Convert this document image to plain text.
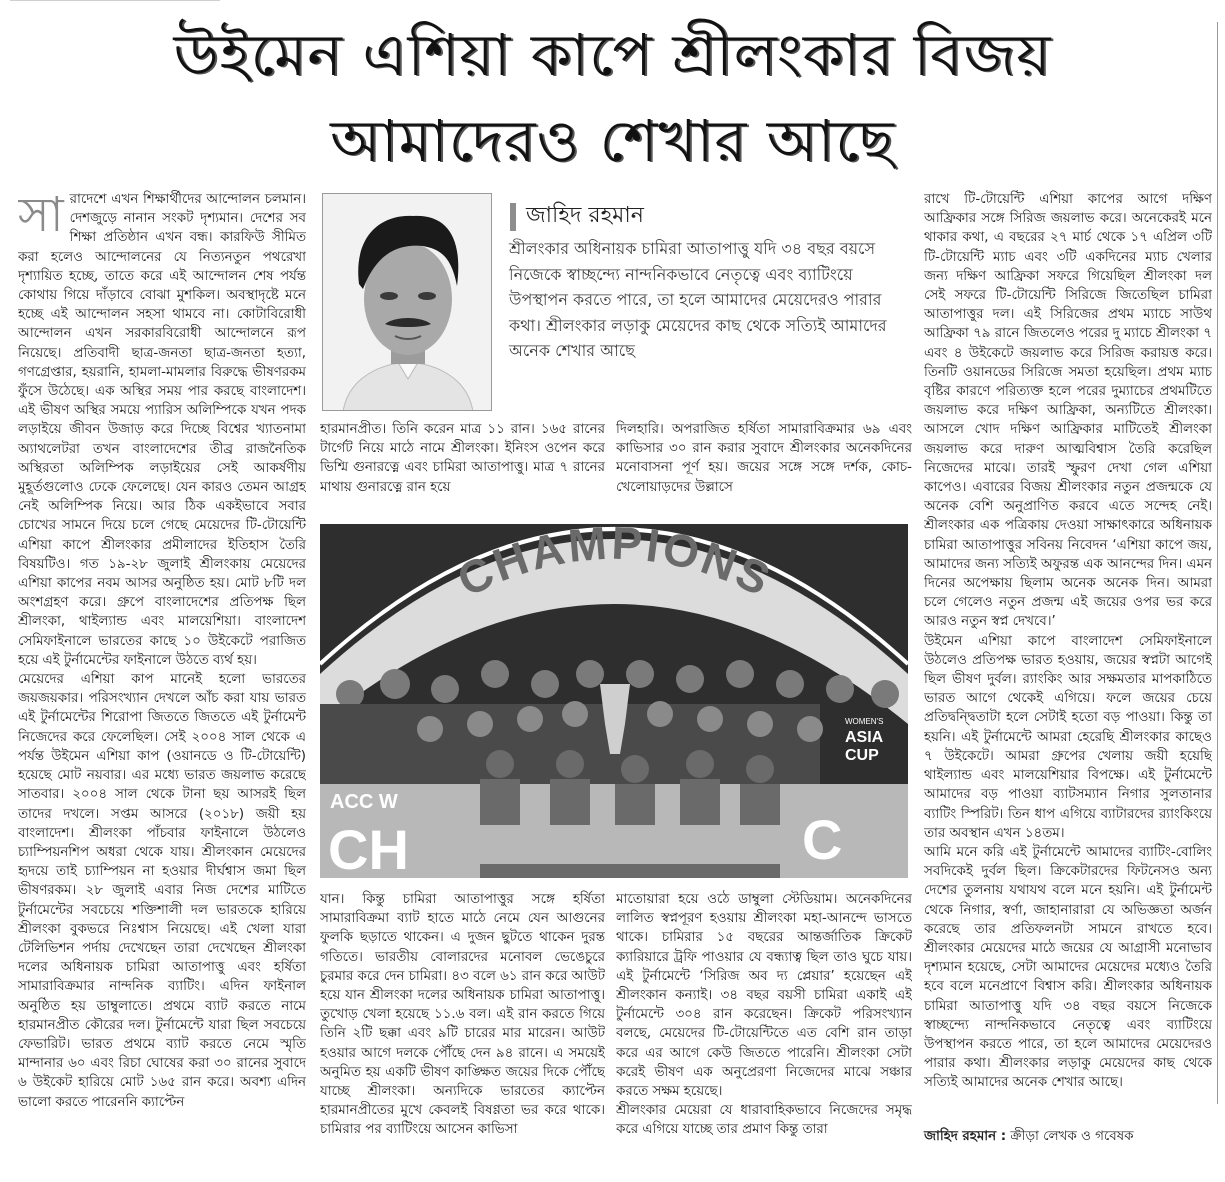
উইমেন এশিয়া কাপে শ্রীলংকার বিজয়
আমাদেরও শেখার আছে
সা রাদেশে এখন শিক্ষার্থীদের আন্দোলন চলমান। দেশজুড়ে নানান সংকট দৃশ্যমান। দেশের সব শিক্ষা প্রতিষ্ঠান এখন বন্ধ। কারফিউ সীমিত করা হলেও আন্দোলনের যে নিত্যনতুন পথরেখা দৃশ্যায়িত হচ্ছে, তাতে করে এই আন্দোলন শেষ পর্যন্ত কোথায় গিয়ে দাঁড়াবে বোঝা মুশকিল। অবস্থাদৃষ্টে মনে হচ্ছে এই আন্দোলন সহসা থামবে না। কোটাবিরোধী আন্দোলন এখন সরকারবিরোধী আন্দোলনে রূপ নিয়েছে। প্রতিবাদী ছাত্র-জনতা ছাত্র-জনতা হত্যা, গণগ্রেপ্তার, হয়রানি, হামলা-মামলার বিরুদ্ধে ভীষণরকম ফুঁসে উঠেছে। এক অস্থির সময় পার করছে বাংলাদেশ। এই ভীষণ অস্থির সময়ে প্যারিস অলিম্পিকে যখন পদক লড়াইয়ে জীবন উজাড় করে দিচ্ছে বিশ্বের খ্যাতনামা অ্যাথলেটরা তখন বাংলাদেশের তীব্র রাজনৈতিক অস্থিরতা অলিম্পিক লড়াইয়ের সেই আকর্ষণীয় মুহূর্তগুলোও ঢেকে ফেলেছে। যেন কারও তেমন আগ্রহ নেই অলিম্পিক নিয়ে। আর ঠিক একইভাবে সবার চোখের সামনে দিয়ে চলে গেছে মেয়েদের টি-টোয়েন্টি এশিয়া কাপে শ্রীলংকার প্রমীলাদের ইতিহাস তৈরি বিষয়টিও। গত ১৯-২৮ জুলাই শ্রীলংকায় মেয়েদের এশিয়া কাপের নবম আসর অনুষ্ঠিত হয়। মোট ৮টি দল অংশগ্রহণ করে। গ্রুপে বাংলাদেশের প্রতিপক্ষ ছিল শ্রীলংকা, থাইল্যান্ড এবং মালয়েশিয়া। বাংলাদেশ সেমিফাইনালে ভারতের কাছে ১০ উইকেটে পরাজিত হয়ে এই টুর্নামেন্টের ফাইনালে উঠতে ব্যর্থ হয়।

মেয়েদের এশিয়া কাপ মানেই হলো ভারতের জয়জয়কার। পরিসংখ্যান দেখলে আঁচ করা যায় ভারত এই টুর্নামেন্টের শিরোপা জিততে জিততে এই টুর্নামেন্ট নিজেদের করে ফেলেছিল। সেই ২০০৪ সাল থেকে এ পর্যন্ত উইমেন এশিয়া কাপ (ওয়ানডে ও টি-টোয়েন্টি) হয়েছে মোট নয়বার। এর মধ্যে ভারত জয়লাভ করেছে সাতবার। ২০০৪ সাল থেকে টানা ছয় আসরই ছিল তাদের দখলে। সপ্তম আসরে (২০১৮) জয়ী হয় বাংলাদেশ। শ্রীলংকা পাঁচবার ফাইনালে উঠলেও চ্যাম্পিয়নশিপ অধরা থেকে যায়। শ্রীলংকান মেয়েদের হৃদয়ে তাই চ্যাম্পিয়ন না হওয়ার দীর্ঘশ্বাস জমা ছিল ভীষণরকম। ২৮ জুলাই এবার নিজ দেশের মাটিতে টুর্নামেন্টের সবচেয়ে শক্তিশালী দল ভারতকে হারিয়ে শ্রীলংকা বুকভরে নিঃশ্বাস নিয়েছে। এই খেলা যারা টেলিভিশন পর্দায় দেখেছেন তারা দেখেছেন শ্রীলংকা দলের অধিনায়ক চামিরা আতাপাত্তু এবং হর্ষিতা সামারাবিক্রমার নান্দনিক ব্যাটিং। এদিন ফাইনাল অনুষ্ঠিত হয় ডাম্বুলাতে। প্রথমে ব্যাট করতে নামে হারমানপ্রীত কৌরের দল। টুর্নামেন্টে যারা ছিল সবচেয়ে ফেভারিট। ভারত প্রথমে ব্যাট করতে নেমে স্মৃতি মান্দানার ৬০ এবং রিচা ঘোষের করা ৩০ রানের সুবাদে ৬ উইকেট হারিয়ে মোট ১৬৫ রান করে। অবশ্য এদিন ভালো করতে পারেননি ক্যাপ্টেন

জাহিদ রহমান
শ্রীলংকার অধিনায়ক চামিরা আতাপাত্তু যদি ৩৪ বছর বয়সে নিজেকে স্বাচ্ছন্দ্যে নান্দনিকভাবে নেতৃত্বে এবং ব্যাটিংয়ে উপস্থাপন করতে পারে, তা হলে আমাদের মেয়েদেরও পারার কথা। শ্রীলংকার লড়াকু মেয়েদের কাছ থেকে সত্যিই আমাদের অনেক শেখার আছে

হারমানপ্রীত। তিনি করেন মাত্র ১১ রান। ১৬৫ রানের টার্গেট নিয়ে মাঠে নামে শ্রীলংকা। ইনিংস ওপেন করে ভিশ্মি গুনারত্নে এবং চামিরা আতাপাত্তু। মাত্র ৭ রানের মাথায় গুনারত্নে রান হয়ে

দিলহারি। অপরাজিত হর্ষিতা সামারাবিক্রমার ৬৯ এবং কাভিসার ৩০ রান করার সুবাদে শ্রীলংকার অনেকদিনের মনোবাসনা পূর্ণ হয়। জয়ের সঙ্গে সঙ্গে দর্শক, কোচ-খেলোয়াড়দের উল্লাসে

CHAMPIONS
ACC W
CH	C
WOMEN'S
ASIA
CUP

যান। কিন্তু চামিরা আতাপাত্তুর সঙ্গে হর্ষিতা সামারাবিক্রমা ব্যাট হাতে মাঠে নেমে যেন আগুনের ফুলকি ছড়াতে থাকেন। এ দুজন ছুটতে থাকেন দুরন্ত গতিতে। ভারতীয় বোলারদের মনোবল ভেঙেচুরে চুরমার করে দেন চামিরা। ৪৩ বলে ৬১ রান করে আউট হয়ে যান শ্রীলংকা দলের অধিনায়ক চামিরা আতাপাত্তু। তুখোড় খেলা হয়েছে ১১.৬ বল। এই রান করতে গিয়ে তিনি ২টি ছক্কা এবং ৯টি চারের মার মারেন। আউট হওয়ার আগে দলকে পৌঁছে দেন ৯৪ রানে। এ সময়েই অনুমিত হয় একটি ভীষণ কাঙ্ক্ষিত জয়ের দিকে পৌঁছে যাচ্ছে শ্রীলংকা। অন্যদিকে ভারতের ক্যাপ্টেন হারমানপ্রীতের মুখে কেবলই বিষণ্ণতা ভর করে থাকে। চামিরার পর ব্যাটিংয়ে আসেন কাভিসা

মাতোয়ারা হয়ে ওঠে ডাম্বুলা স্টেডিয়াম। অনেকদিনের লালিত স্বপ্নপূরণ হওয়ায় শ্রীলংকা মহা-আনন্দে ভাসতে থাকে। চামিরার ১৫ বছরের আন্তর্জাতিক ক্রিকেট ক্যারিয়ারে ট্রফি পাওয়ার যে বন্ধ্যাত্ব ছিল তাও ঘুচে যায়। এই টুর্নামেন্টে ‘সিরিজ অব দ্য প্লেয়ার’ হয়েছেন এই শ্রীলংকান কন্যাই। ৩৪ বছর বয়সী চামিরা একাই এই টুর্নামেন্টে ৩০৪ রান করেছেন। ক্রিকেট পরিসংখ্যান বলছে, মেয়েদের টি-টোয়েন্টিতে এত বেশি রান তাড়া করে এর আগে কেউ জিততে পারেনি। শ্রীলংকা সেটা করেই ভীষণ এক অনুপ্রেরণা নিজেদের মাঝে সঞ্চার করতে সক্ষম হয়েছে।

শ্রীলংকার মেয়েরা যে ধারাবাহিকভাবে নিজেদের সমৃদ্ধ করে এগিয়ে যাচ্ছে তার প্রমাণ কিন্তু তারা

রাখে টি-টোয়েন্টি এশিয়া কাপের আগে দক্ষিণ আফ্রিকার সঙ্গে সিরিজ জয়লাভ করে। অনেকেরই মনে থাকার কথা, এ বছরের ২৭ মার্চ থেকে ১৭ এপ্রিল ৩টি টি-টোয়েন্টি ম্যাচ এবং ৩টি একদিনের ম্যাচ খেলার জন্য দক্ষিণ আফ্রিকা সফরে গিয়েছিল শ্রীলংকা দল সেই সফরে টি-টোয়েন্টি সিরিজে জিতেছিল চামিরা আতাপাত্তুর দল। এই সিরিজের প্রথম ম্যাচে সাউথ আফ্রিকা ৭৯ রানে জিতলেও পরের দু ম্যাচে শ্রীলংকা ৭ এবং ৪ উইকেটে জয়লাভ করে সিরিজ করায়ত্ত করে। তিনটি ওয়ানডের সিরিজে সমতা হয়েছিল। প্রথম ম্যাচ বৃষ্টির কারণে পরিত্যক্ত হলে পরের দুম্যাচের প্রথমটিতে জয়লাভ করে দক্ষিণ আফ্রিকা, অন্যটিতে শ্রীলংকা। আসলে খোদ দক্ষিণ আফ্রিকার মাটিতেই শ্রীলংকা জয়লাভ করে দারুণ আত্মবিশ্বাস তৈরি করেছিল নিজেদের মাঝে। তারই স্ফুরণ দেখা গেল এশিয়া কাপেও। এবারের বিজয় শ্রীলংকার নতুন প্রজন্মকে যে অনেক বেশি অনুপ্রাণিত করবে এতে সন্দেহ নেই। শ্রীলংকার এক পত্রিকায় দেওয়া সাক্ষাৎকারে অধিনায়ক চামিরা আতাপাত্তুর সবিনয় নিবেদন ‘এশিয়া কাপে জয়, আমাদের জন্য সত্যিই অফুরন্ত এক আনন্দের দিন। এমন দিনের অপেক্ষায় ছিলাম অনেক অনেক দিন। আমরা চলে গেলেও নতুন প্রজন্ম এই জয়ের ওপর ভর করে আরও নতুন স্বপ্ন দেখবে।’

উইমেন এশিয়া কাপে বাংলাদেশ সেমিফাইনালে উঠলেও প্রতিপক্ষ ভারত হওয়ায়, জয়ের স্বপ্নটা আগেই ছিল ভীষণ দুর্বল। র‍্যাংকিং আর সক্ষমতার মাপকাঠিতে ভারত আগে থেকেই এগিয়ে। ফলে জয়ের চেয়ে প্রতিদ্বন্দ্বিতাটা হলে সেটাই হতো বড় পাওয়া। কিন্তু তা হয়নি। এই টুর্নামেন্টে আমরা হেরেছি শ্রীলংকার কাছেও ৭ উইকেটে। আমরা গ্রুপের খেলায় জয়ী হয়েছি থাইল্যান্ড এবং মালয়েশিয়ার বিপক্ষে। এই টুর্নামেন্টে আমাদের বড় পাওয়া ব্যাটসম্যান নিগার সুলতানার ব্যাটিং স্পিরিট। তিন ধাপ এগিয়ে ব্যাটারদের র‍্যাংকিংয়ে তার অবস্থান এখন ১৪তম।

আমি মনে করি এই টুর্নামেন্টে আমাদের ব্যাটিং-বোলিং সবদিকেই দুর্বল ছিল। ক্রিকেটারদের ফিটনেসও অন্য দেশের তুলনায় যথাযথ বলে মনে হয়নি। এই টুর্নামেন্ট থেকে নিগার, স্বর্ণা, জাহানারারা যে অভিজ্ঞতা অর্জন করেছে তার প্রতিফলনটা সামনে রাখতে হবে। শ্রীলংকার মেয়েদের মাঠে জয়ের যে আগ্রাসী মনোভাব দৃশ্যমান হয়েছে, সেটা আমাদের মেয়েদের মধ্যেও তৈরি হবে বলে মনেপ্রাণে বিশ্বাস করি। শ্রীলংকার অধিনায়ক চামিরা আতাপাত্তু যদি ৩৪ বছর বয়সে নিজেকে স্বাচ্ছন্দ্যে নান্দনিকভাবে নেতৃত্বে এবং ব্যাটিংয়ে উপস্থাপন করতে পারে, তা হলে আমাদের মেয়েদেরও পারার কথা। শ্রীলংকার লড়াকু মেয়েদের কাছ থেকে সত্যিই আমাদের অনেক শেখার আছে।

জাহিদ রহমান : ক্রীড়া লেখক ও গবেষক
